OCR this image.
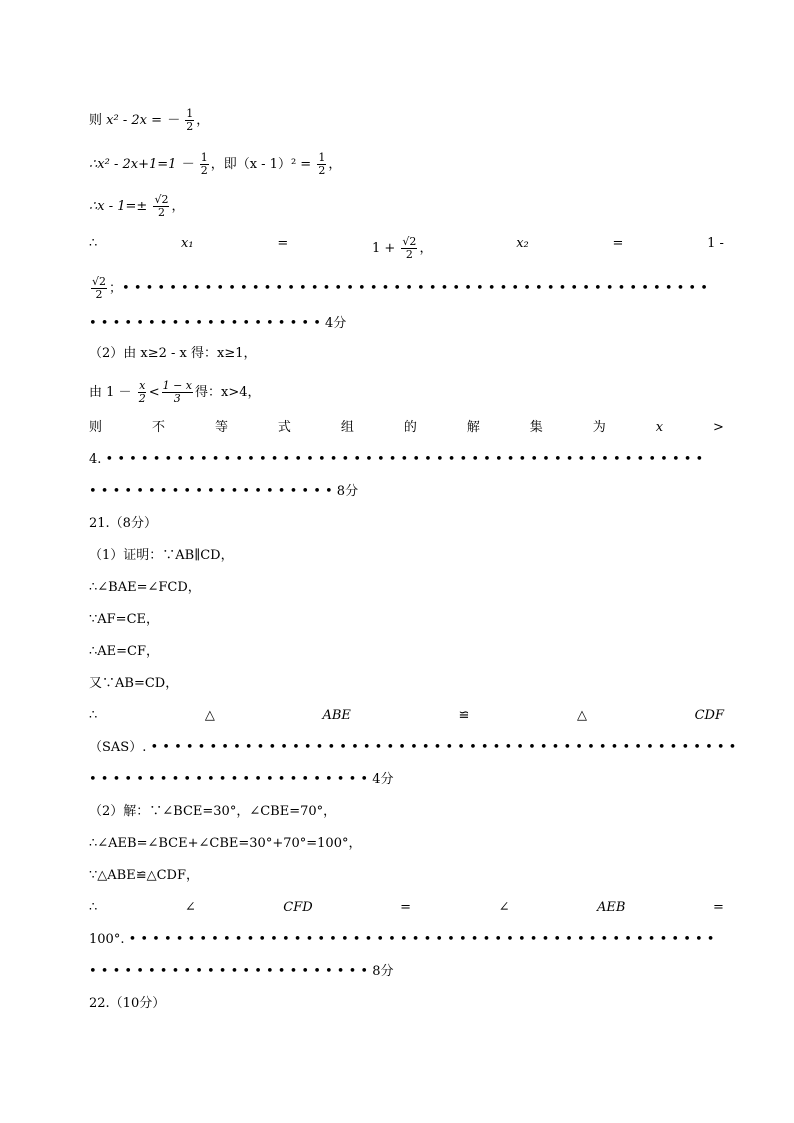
则 x² - 2x = － $\frac{1}{2}$ ，
∴x² - $2x+1=1 - \frac{1}{2}$ ，即$(x - 1)^2 = \frac{1}{2}$ ，
∴x - $1=\pm \frac{√2}{2}$ ，
∴	x₁	=	$1 + \frac{√2}{2}$ ，	x₂	=	1 -
$\frac{√2}{2}$ ；• • • • • • • • • • • • • • • • • • • • • • • • • • • • • • • • • • • • • • • • • • • • • • • • • •
• • • • • • • • • • • • • • • • • • • • 4分
（2）由 x≥2 - x 得：x≥1，
由 $1 - \frac{x}{2} < \frac{1 - x}{3}$ 得：x>4，
则	不	等	式	组	的	解	集	为	x	>
4. • • • • • • • • • • • • • • • • • • • • • • • • • • • • • • • • • • • • • • • • • • • • • • • • • • •
• • • • • • • • • • • • • • • • • • • • • 8分
21.（8分）
（1）证明：∵AB∥CD，
∴∠BAE=∠FCD，
∵AF=CE，
∴AE=CF，
又∵AB=CD，
∴	△	ABE	≌	△	CDF
（SAS）. • • • • • • • • • • • • • • • • • • • • • • • • • • • • • • • • • • • • • • • • • • • • • • • • • •
• • • • • • • • • • • • • • • • • • • • • • • • 4分
（2）解：∵∠BCE=30°，∠CBE=70°，
∴∠AEB=∠BCE+∠CBE=30°+70°=100°，
∵△ABE≌△CDF，
∴	∠	CFD	=	∠	AEB	=
100°. • • • • • • • • • • • • • • • • • • • • • • • • • • • • • • • • • • • • • • • • • • • • • • • • • •
• • • • • • • • • • • • • • • • • • • • • • • • 8分
22.（10分）
